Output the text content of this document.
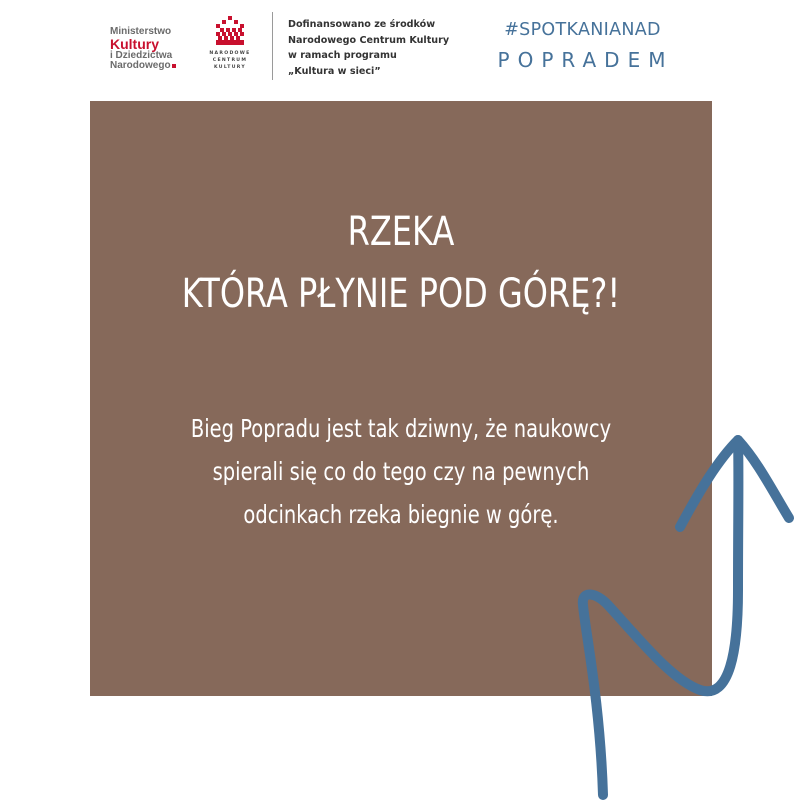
Ministerstwo
Kultury
i Dziedzictwa
Narodowego
NARODOWE
CENTRUM
KULTURY
Dofinansowano ze środków
Narodowego Centrum Kultury
w ramach programu
„Kultura w sieci”
#SPOTKANIANAD
POPRADEM
RZEKA
KTÓRA PŁYNIE POD GÓRĘ?!
Bieg Popradu jest tak dziwny, że naukowcy
spierali się co do tego czy na pewnych
odcinkach rzeka biegnie w górę.
